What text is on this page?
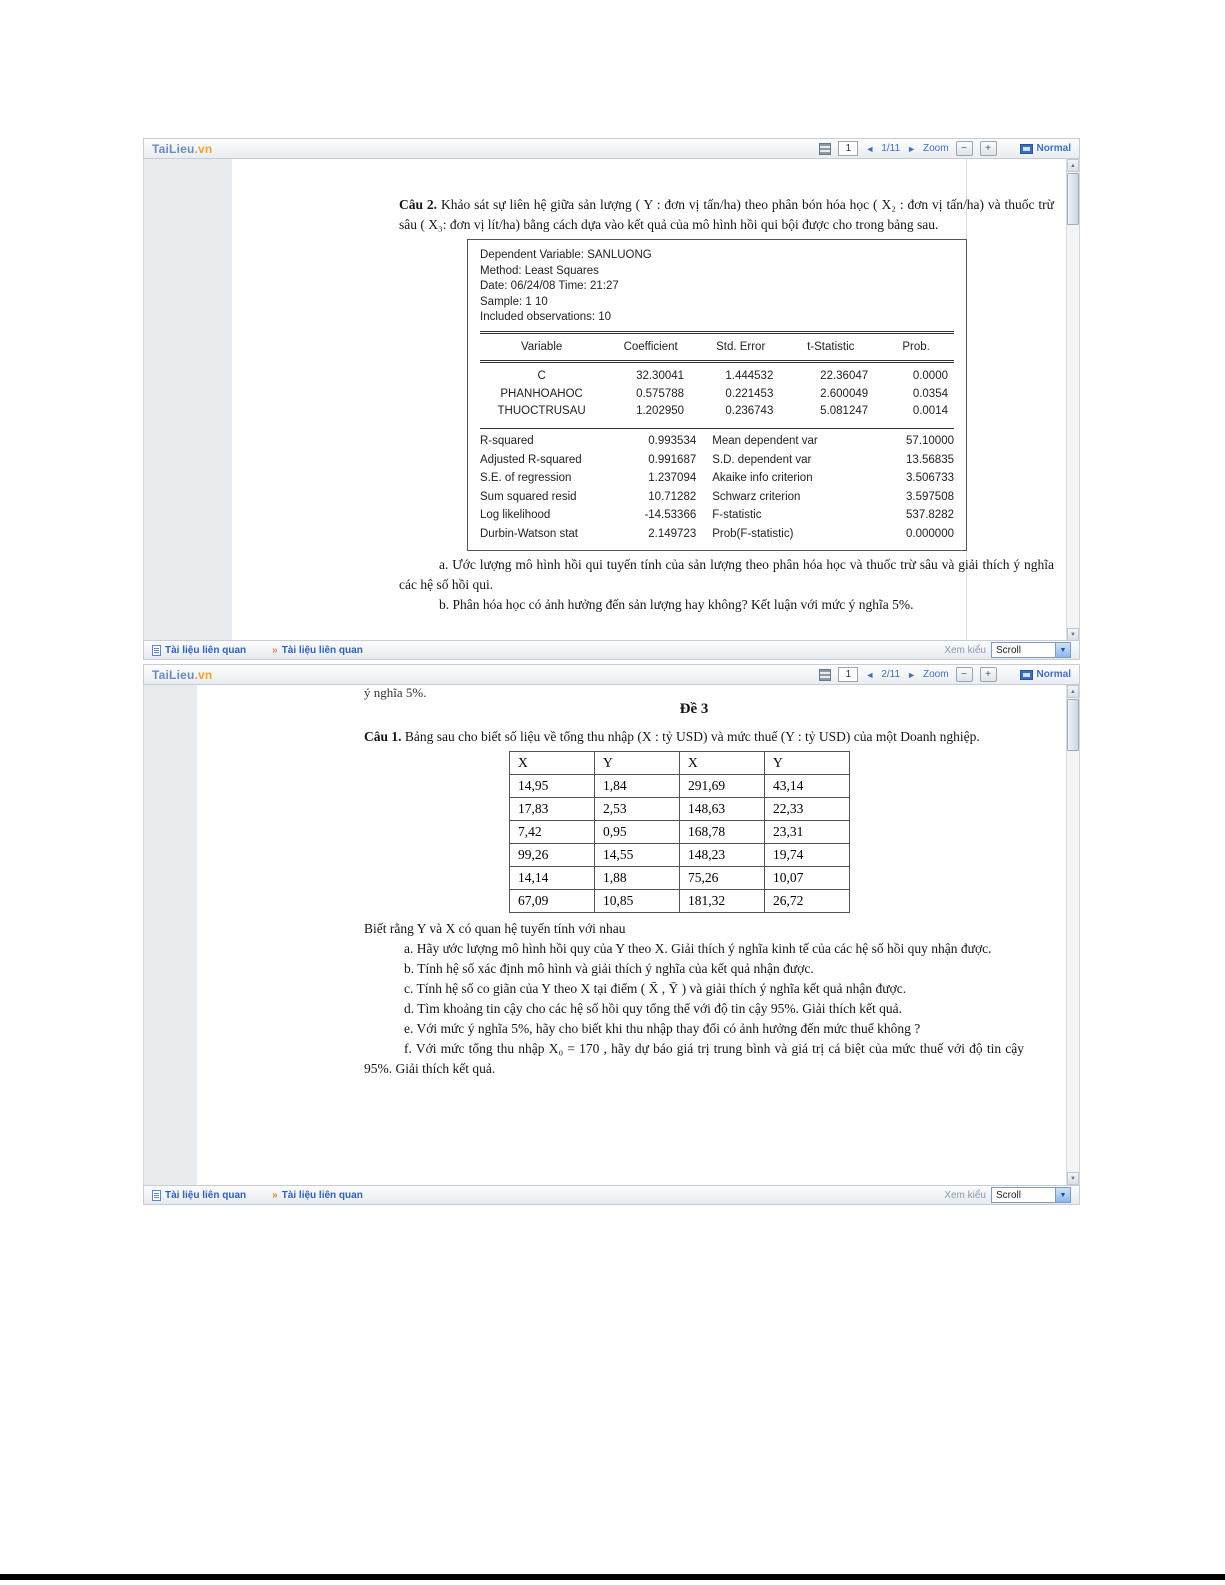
TaiLieu.vn
1	◄ 1/11 ► Zoom	−	+	Normal
Câu 2. Khảo sát sự liên hệ giữa sản lượng ( Y : đơn vị tấn/ha) theo phân bón hóa học ( X₂ : đơn vị tấn/ha) và thuốc trừ sâu ( X₃: đơn vị lít/ha) bằng cách dựa vào kết quả của mô hình hồi qui bội được cho trong bảng sau.
Dependent Variable: SANLUONG
Method: Least Squares
Date: 06/24/08 Time: 21:27
Sample: 1 10
Included observations: 10
Variable	Coefficient	Std. Error	t-Statistic	Prob.
C	32.30041	1.444532	22.36047	0.0000
PHANHOAHOC	0.575788	0.221453	2.600049	0.0354
THUOCTRUSAU	1.202950	0.236743	5.081247	0.0014
R-squared	0.993534	Mean dependent var	57.10000
Adjusted R-squared	0.991687	S.D. dependent var	13.56835
S.E. of regression	1.237094	Akaike info criterion	3.506733
Sum squared resid	10.71282	Schwarz criterion	3.597508
Log likelihood	-14.53366	F-statistic	537.8282
Durbin-Watson stat	2.149723	Prob(F-statistic)	0.000000
a. Ước lượng mô hình hồi qui tuyến tính của sản lượng theo phân hóa học và thuốc trừ sâu và giải thích ý nghĩa các hệ số hồi qui.
b. Phân hóa học có ảnh hưởng đến sản lượng hay không? Kết luận với mức ý nghĩa 5%.
▲
▼
Tài liệu liên quan	» Tài liệu liên quan	Xem kiểu Scroll	▼
TaiLieu.vn
1	◄ 2/11 ► Zoom	−	+	Normal
ý nghĩa 5%.
Đề 3
Câu 1. Bảng sau cho biết số liệu về tổng thu nhập (X : tỷ USD) và mức thuế (Y : tỷ USD) của một Doanh nghiệp.
X	Y	X	Y
14,95	1,84	291,69	43,14
17,83	2,53	148,63	22,33
7,42	0,95	168,78	23,31
99,26	14,55	148,23	19,74
14,14	1,88	75,26	10,07
67,09	10,85	181,32	26,72
Biết rằng Y và X có quan hệ tuyến tính với nhau
a. Hãy ước lượng mô hình hồi quy của Y theo X. Giải thích ý nghĩa kinh tế của các hệ số hồi quy nhận được.
b. Tính hệ số xác định mô hình và giải thích ý nghĩa của kết quả nhận được.
c. Tính hệ số co giãn của Y theo X tại điểm ( X̄ , Ȳ ) và giải thích ý nghĩa kết quả nhận được.
d. Tìm khoảng tin cậy cho các hệ số hồi quy tổng thể với độ tin cậy 95%. Giải thích kết quả.
e. Với mức ý nghĩa 5%, hãy cho biết khi thu nhập thay đổi có ảnh hưởng đến mức thuế không ?
f. Với mức tổng thu nhập X₀ = 170 , hãy dự báo giá trị trung bình và giá trị cá biệt của mức thuế với độ tin cậy 95%. Giải thích kết quả.
▲
▼
Tài liệu liên quan	» Tài liệu liên quan	Xem kiểu Scroll	▼
